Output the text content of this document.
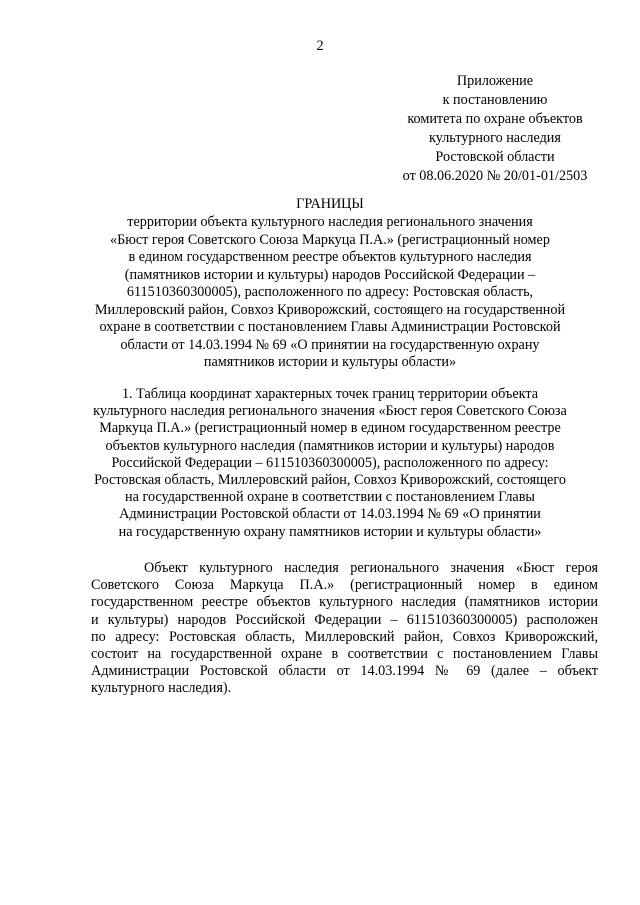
2
Приложение
к постановлению
комитета по охране объектов
культурного наследия
Ростовской области
от 08.06.2020 № 20/01-01/2503
ГРАНИЦЫ
территории объекта культурного наследия регионального значения
«Бюст героя Советского Союза Маркуца П.А.» (регистрационный номер
в едином государственном реестре объектов культурного наследия
(памятников истории и культуры) народов Российской Федерации –
611510360300005), расположенного по адресу: Ростовская область,
Миллеровский район, Совхоз Криворожский, состоящего на государственной
охране в соответствии с постановлением Главы Администрации Ростовской
области от 14.03.1994 № 69 «О принятии на государственную охрану
памятников истории и культуры области»
1. Таблица координат характерных точек границ территории объекта
культурного наследия регионального значения «Бюст героя Советского Союза
Маркуца П.А.» (регистрационный номер в едином государственном реестре
объектов культурного наследия (памятников истории и культуры) народов
Российской Федерации – 611510360300005), расположенного по адресу:
Ростовская область, Миллеровский район, Совхоз Криворожский, состоящего
на государственной охране в соответствии с постановлением Главы
Администрации Ростовской области от 14.03.1994 № 69 «О принятии
на государственную охрану памятников истории и культуры области»
Объект культурного наследия регионального значения «Бюст героя
Советского Союза Маркуца П.А.» (регистрационный номер в едином
государственном реестре объектов культурного наследия (памятников истории
и культуры) народов Российской Федерации – 611510360300005) расположен
по адресу: Ростовская область, Миллеровский район, Совхоз Криворожский,
состоит на государственной охране в соответствии с постановлением Главы
Администрации Ростовской области от 14.03.1994 № 69 (далее – объект
культурного наследия).
